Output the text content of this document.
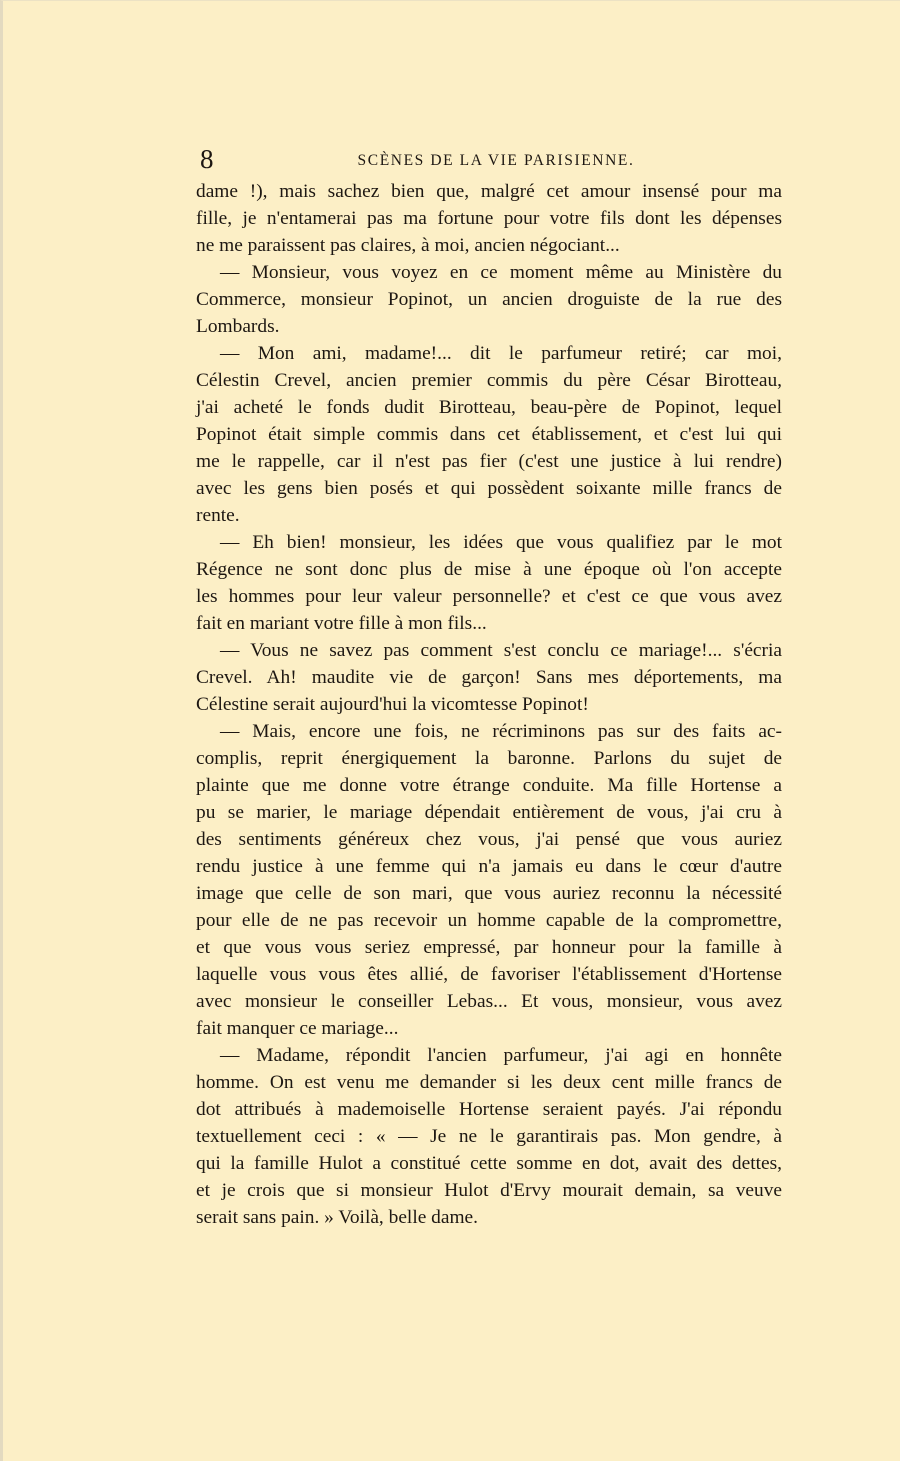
8	SCÈNES DE LA VIE PARISIENNE.
dame !), mais sachez bien que, malgré cet amour insensé pour ma
fille, je n'entamerai pas ma fortune pour votre fils dont les dépenses
ne me paraissent pas claires, à moi, ancien négociant...
— Monsieur, vous voyez en ce moment même au Ministère du
Commerce, monsieur Popinot, un ancien droguiste de la rue des
Lombards.
— Mon ami, madame!... dit le parfumeur retiré; car moi,
Célestin Crevel, ancien premier commis du père César Birotteau,
j'ai acheté le fonds dudit Birotteau, beau-père de Popinot, lequel
Popinot était simple commis dans cet établissement, et c'est lui qui
me le rappelle, car il n'est pas fier (c'est une justice à lui rendre)
avec les gens bien posés et qui possèdent soixante mille francs de
rente.
— Eh bien! monsieur, les idées que vous qualifiez par le mot
Régence ne sont donc plus de mise à une époque où l'on accepte
les hommes pour leur valeur personnelle? et c'est ce que vous avez
fait en mariant votre fille à mon fils...
— Vous ne savez pas comment s'est conclu ce mariage!... s'écria
Crevel. Ah! maudite vie de garçon! Sans mes déportements, ma
Célestine serait aujourd'hui la vicomtesse Popinot!
— Mais, encore une fois, ne récriminons pas sur des faits ac-
complis, reprit énergiquement la baronne. Parlons du sujet de
plainte que me donne votre étrange conduite. Ma fille Hortense a
pu se marier, le mariage dépendait entièrement de vous, j'ai cru à
des sentiments généreux chez vous, j'ai pensé que vous auriez
rendu justice à une femme qui n'a jamais eu dans le cœur d'autre
image que celle de son mari, que vous auriez reconnu la nécessité
pour elle de ne pas recevoir un homme capable de la compromettre,
et que vous vous seriez empressé, par honneur pour la famille à
laquelle vous vous êtes allié, de favoriser l'établissement d'Hortense
avec monsieur le conseiller Lebas... Et vous, monsieur, vous avez
fait manquer ce mariage...
— Madame, répondit l'ancien parfumeur, j'ai agi en honnête
homme. On est venu me demander si les deux cent mille francs de
dot attribués à mademoiselle Hortense seraient payés. J'ai répondu
textuellement ceci : « — Je ne le garantirais pas. Mon gendre, à
qui la famille Hulot a constitué cette somme en dot, avait des dettes,
et je crois que si monsieur Hulot d'Ervy mourait demain, sa veuve
serait sans pain. » Voilà, belle dame.
